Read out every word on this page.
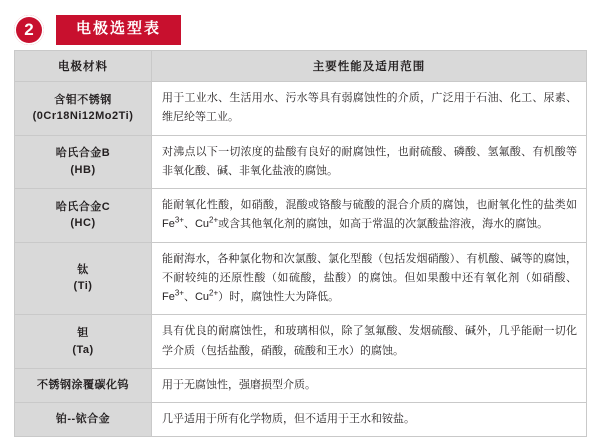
2	电极选型表
电极材料	主要性能及适用范围

含钼不锈钢
(0Cr18Ni12Mo2Ti)	用于工业水、生活用水、污水等具有弱腐蚀性的介质，广泛用于石油、化工、尿素、维尼纶等工业。

哈氏合金B
(HB)	对沸点以下一切浓度的盐酸有良好的耐腐蚀性，也耐硫酸、磷酸、氢氟酸、有机酸等非氧化酸、碱、非氧化盐液的腐蚀。

哈氏合金C
(HC)	能耐氧化性酸，如硝酸，混酸或铬酸与硫酸的混合介质的腐蚀，也耐氧化性的盐类如$Fe^{3+}$、$Cu^{2+}$或含其他氧化剂的腐蚀，如高于常温的次氯酸盐溶液，海水的腐蚀。

钛
(Ti)	能耐海水，各种氯化物和次氯酸、氯化型酸（包括发烟硝酸）、有机酸、碱等的腐蚀，不耐较纯的还原性酸（如硫酸，盐酸）的腐蚀。但如果酸中还有氧化剂（如硝酸、$Fe^{3+}$、$Cu^{2+}$）时，腐蚀性大为降低。

钽
(Ta)	具有优良的耐腐蚀性，和玻璃相似，除了氢氟酸、发烟硫酸、碱外，几乎能耐一切化学介质（包括盐酸，硝酸，硫酸和王水）的腐蚀。

不锈钢涂覆碳化钨	用于无腐蚀性，强磨损型介质。

铂--铱合金	几乎适用于所有化学物质，但不适用于王水和铵盐。
